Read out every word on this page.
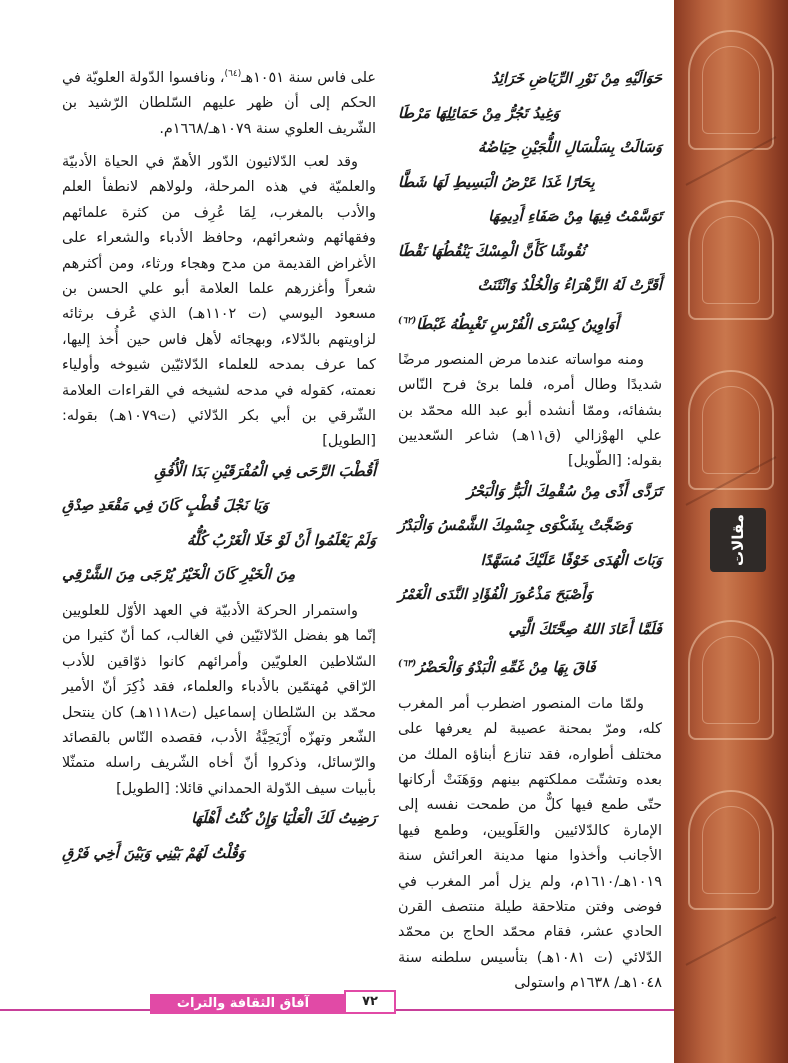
مقالات

حَوَالَيْهِ مِنْ نَوْرِ الرِّيَاضِ خَرَائِدُ

وَغِيدُ تَجُرُّ مِنْ حَمَائِلِهَا مَرْطَا

وَسَالَتْ بِسَلْسَالِ اللُّجَيْنِ حِيَاضُهُ

بِحَارًا غَدَا عَرْضُ الْبَسِيطِ لَهَا شَطَّا

تَوَسَّمْتُ فِيهَا مِنْ صَفَاءِ أَدِيمِهَا

نُقُوشًا كَأَنَّ الْمِسْكَ يَنْقُطُهَا نَقْطَا

أَقَرَّتْ لَهُ الزَّهْرَاءُ وَالْخُلْدُ وَانْثَنَتْ

أَوَاوِينُ كِسْرَى الْفُرْسِ تَغْبِطُهُ غَبْطَا$^{(٦٢)}$

ومنه مواساته عندما مرض المنصور مرضًا شديدًا وطال أمره، فلما برئ فرح النّاس بشفائه، وممّا أنشده أبو عبد الله محمّد بن علي الهوْزالي (ق١١هـ) شاعر السّعديين بقوله: [الطّويل]

تَرَدَّى أَذًى مِنْ سُقْمِكَ الْبَرُّ وَالْبَحْرُ

وَضَجَّتْ بِشَكْوَى جِسْمِكَ الشَّمْسُ وَالْبَدْرُ

وَبَاتَ الْهُدَى خَوْفًا عَلَيْكَ مُسَهَّدًا

وَأَصْبَحَ مَذْعُورَ الْفُؤَادِ النَّدَى الْغَمْرُ

فَلَمَّا أَعَادَ اللهُ صِحَّتَكَ الَّتِي

فَاقَ بِهَا مِنْ غَمِّهِ الْبَدْوُ وَالْحَضْرُ$^{(٦٣)}$

ولمّا مات المنصور اضطرب أمر المغرب كله، ومرّ بمحنة عصيبة لم يعرفها على مختلف أطواره، فقد تنازع أبناؤه الملك من بعده وتشتّت مملكتهم بينهم ووَهَنَتْ أركانها حتّى طمع فيها كلٌّ من طمحت نفسه إلى الإمارة كالدّلائيين والعَلَويين، وطمع فيها الأجانب وأخذوا منها مدينة العرائش سنة ١٠١٩هـ/١٦١٠م، ولم يزل أمر المغرب في فوضى وفتن متلاحقة طيلة منتصف القرن الحادي عشر، فقام محمّد الحاج بن محمّد الدّلائي (ت ١٠٨١هـ) بتأسيس سلطنه سنة ١٠٤٨هـ/ ١٦٣٨م واستولى

على فاس سنة ١٠٥١هـ$^{(٦٤)}$، ونافسوا الدّولة العلويّة في الحكم إلى أن ظهر عليهم السّلطان الرّشيد بن الشّريف العلوي سنة ١٠٧٩هـ/١٦٦٨م.

وقد لعب الدّلائيون الدّور الأهمّ في الحياة الأدبيّة والعلميّة في هذه المرحلة، ولولاهم لانطفأ العلم والأدب بالمغرب، لِمَا عُرِف من كثرة علمائهم وفقهائهم وشعرائهم، وحافظ الأدباء والشعراء على الأغراض القديمة من مدح وهجاء ورثاء، ومن أكثرهم شعراً وأغزرهم علما العلامة أبو علي الحسن بن مسعود اليوسي (ت ١١٠٢هـ) الذي عُرف برثائه لزاويتهم بالدّلاء، وبهجائه لأهل فاس حين أُخذ إليها، كما عرف بمدحه للعلماء الدّلائيّين شيوخه وأولياء نعمته، كقوله في مدحه لشيخه في القراءات العلامة الشّرقي بن أبي بكر الدّلائي (ت١٠٧٩هـ) بقوله: [الطويل]

أَقُطْبَ الرَّحَى فِي الْمُفْرَقَيْنِ بَدَا الْأُفُقِ

وَيَا نَجْلَ قُطْبٍ كَانَ فِي مَقْعَدِ صِدْقِ

وَلَمْ يَعْلَمُوا أَنْ لَوْ خَلَا الْغَرْبُ كُلُّهُ

مِنَ الْخَيْرِ كَانَ الْخَيْرُ يُرْجَى مِنَ الشَّرْقِي

واستمرار الحركة الأدبيّة في العهد الأوّل للعلويين إنّما هو بفضل الدّلائيّين في الغالب، كما أنّ كثيرا من السّلاطين العلويّين وأمرائهم كانوا ذوّاقين للأدب الرّاقي مُهتمّين بالأدباء والعلماء، فقد ذُكِرَ أنّ الأمير محمّد بن السّلطان إسماعيل (ت١١١٨هـ) كان ينتحل الشّعر وتهزّه أَرْيَحِيَّةُ الأدب، فقصده النّاس بالقصائد والرّسائل، وذكروا أنّ أخاه الشّريف راسله متمثّلا بأبيات سيف الدّولة الحمداني قائلا: [الطويل]

رَضِيتُ لَكَ الْعَلْيَا وَإِنْ كُنْتُ أَهْلَهَا

وَقُلْتُ لَهُمْ بَيْنِي وَبَيْنَ أَخِي فَرْقِ

آفاق الثقافة والتراث	٧٢
